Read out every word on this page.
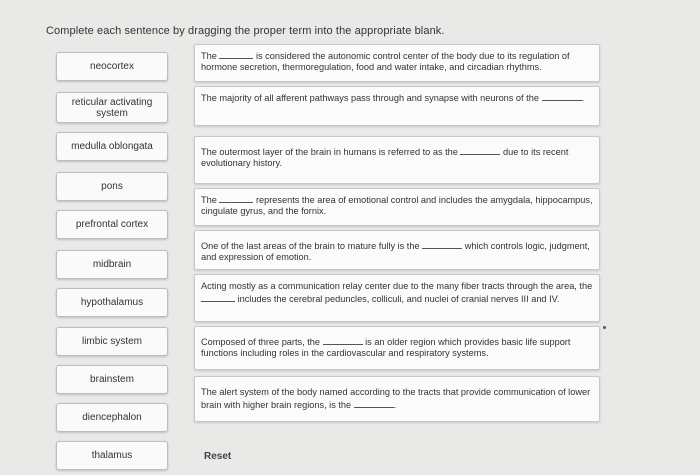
Complete each sentence by dragging the proper term into the appropriate blank.
neocortex
reticular activating system
medulla oblongata
pons
prefrontal cortex
midbrain
hypothalamus
limbic system
brainstem
diencephalon
thalamus
The	is considered the autonomic control center of the body due to its regulation of hormone secretion, thermoregulation, food and water intake, and circadian rhythms.
The majority of all afferent pathways pass through and synapse with neurons of the	.
The outermost layer of the brain in humans is referred to as the	due to its recent evolutionary history.
The	represents the area of emotional control and includes the amygdala, hippocampus, cingulate gyrus, and the fornix.
One of the last areas of the brain to mature fully is the	which controls logic, judgment, and expression of emotion.
Acting mostly as a communication relay center due to the many fiber tracts through the area, the  includes the cerebral peduncles, colliculi, and nuclei of cranial nerves III and IV.
Composed of three parts, the	is an older region which provides basic life support functions including roles in the cardiovascular and respiratory systems.
The alert system of the body named according to the tracts that provide communication of lower brain with higher brain regions, is the	.
Reset
